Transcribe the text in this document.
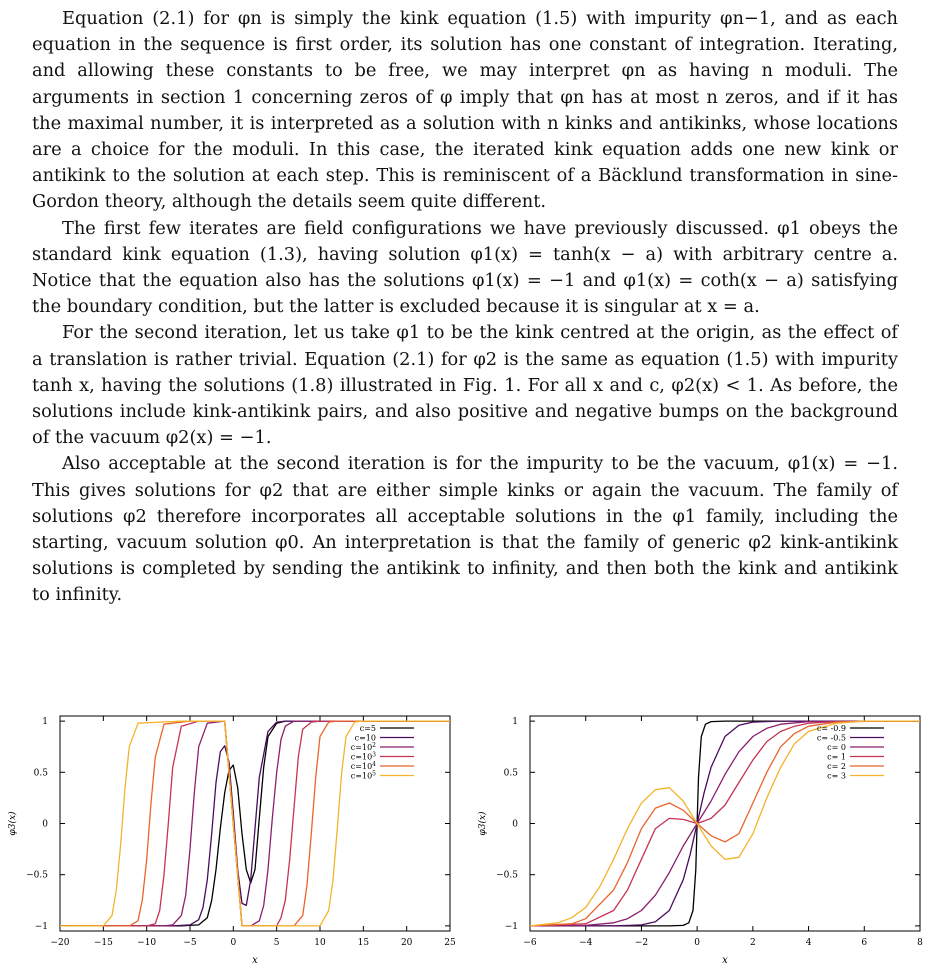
Equation (2.1) for φn is simply the kink equation (1.5) with impurity φn−1, and as each equation in the sequence is first order, its solution has one constant of integration. Iterating, and allowing these constants to be free, we may interpret φn as having n moduli. The arguments in section 1 concerning zeros of φ imply that φn has at most n zeros, and if it has the maximal number, it is interpreted as a solution with n kinks and antikinks, whose locations are a choice for the moduli. In this case, the iterated kink equation adds one new kink or antikink to the solution at each step. This is reminiscent of a Bäcklund transformation in sine-Gordon theory, although the details seem quite different.

The first few iterates are field configurations we have previously discussed. φ1 obeys the standard kink equation (1.3), having solution φ1(x) = tanh(x − a) with arbitrary centre a. Notice that the equation also has the solutions φ1(x) = −1 and φ1(x) = coth(x − a) satisfying the boundary condition, but the latter is excluded because it is singular at x = a.

For the second iteration, let us take φ1 to be the kink centred at the origin, as the effect of a translation is rather trivial. Equation (2.1) for φ2 is the same as equation (1.5) with impurity tanh x, having the solutions (1.8) illustrated in Fig. 1. For all x and c, φ2(x) < 1. As before, the solutions include kink-antikink pairs, and also positive and negative bumps on the background of the vacuum φ2(x) = −1.

Also acceptable at the second iteration is for the impurity to be the vacuum, φ1(x) = −1. This gives solutions for φ2 that are either simple kinks or again the vacuum. The family of solutions φ2 therefore incorporates all acceptable solutions in the φ1 family, including the starting, vacuum solution φ0. An interpretation is that the family of generic φ2 kink-antikink solutions is completed by sending the antikink to infinity, and then both the kink and antikink to infinity.

−20	−15	−10	−5	0	5	10	15	20	25
−1
−0.5
0
0.5
1
x
φ3(x)
c=5
c=10
$c=10^2$
$c=10^3$
$c=10^4$
$c=10^5$
−6	−4	−2	0	2	4	6	8
−1
−0.5
0
0.5
1
x
φ3(x)
c= -0.9
c= -0.5
c= 0
c= 1
c= 2
c= 3
